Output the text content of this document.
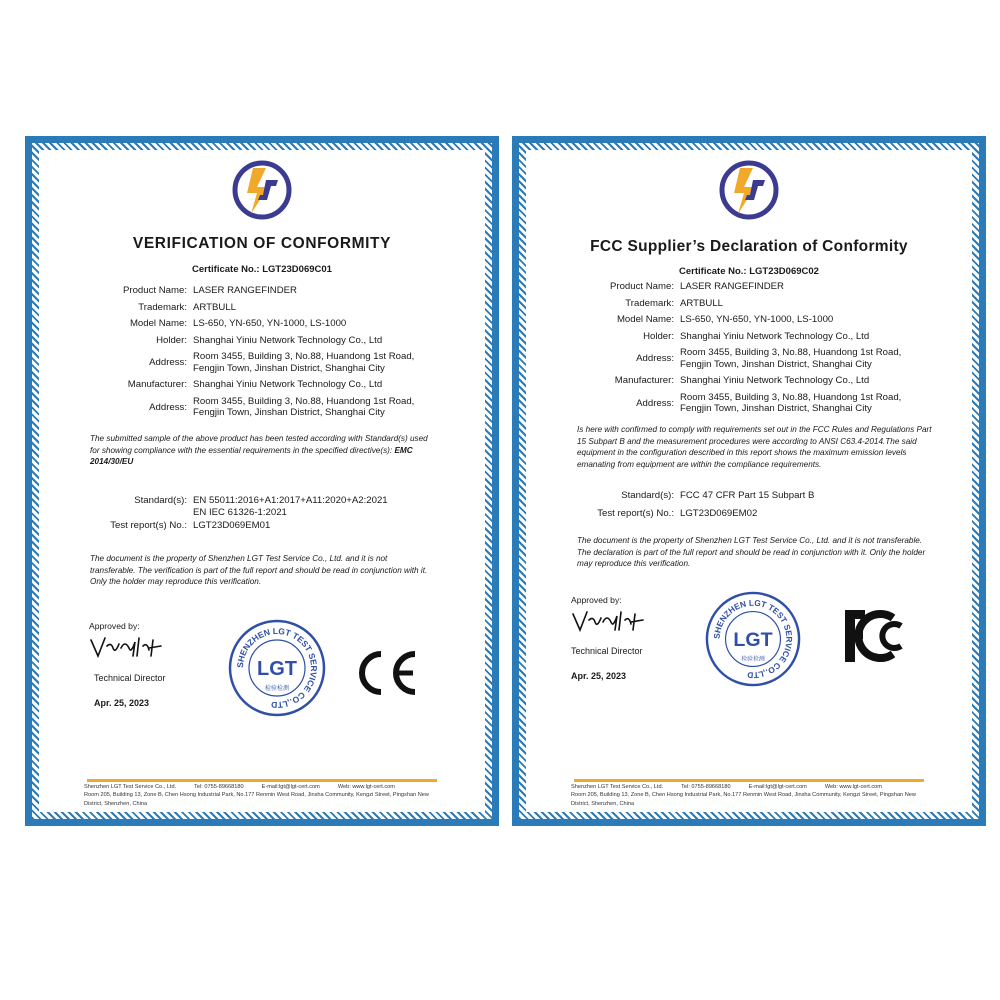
VERIFICATION OF CONFORMITY
Certificate No.: LGT23D069C01
Product Name: LASER RANGEFINDER
Trademark: ARTBULL
Model Name: LS-650, YN-650, YN-1000, LS-1000
Holder: Shanghai Yiniu Network Technology Co., Ltd
Address:
Room 3455, Building 3, No.88, Huandong 1st Road, Fengjin Town, Jinshan District, Shanghai City
Manufacturer: Shanghai Yiniu Network Technology Co., Ltd
Address:
Room 3455, Building 3, No.88, Huandong 1st Road, Fengjin Town, Jinshan District, Shanghai City
The submitted sample of the above product has been tested according with Standard(s) used for showing compliance with the essential requirements in the specified directive(s): EMC 2014/30/EU
Standard(s): EN 55011:2016+A1:2017+A11:2020+A2:2021
EN IEC 61326-1:2021
Test report(s) No.: LGT23D069EM01
The document is the property of Shenzhen LGT Test Service Co., Ltd. and it is not transferable. The verification is part of the full report and should be read in conjunction with it. Only the holder may reproduce this verification.
Approved by:
Technical Director
Apr. 25, 2023
SHENZHEN LGT TEST SERVICE CO.,LTD
LGT
检验检测
Shenzhen LGT Test Service Co., Ltd.	Tel: 0755-89668180	E-mail:lgt@lgt-cert.com	Web: www.lgt-cert.com
Room 205, Building 13, Zone B, Chen Hsong Industrial Park, No.177 Renmin West Road, Jinsha Community, Kengzi Street, Pingshan New District, Shenzhen, China
FCC Supplier’s Declaration of Conformity
Certificate No.: LGT23D069C02
Product Name: LASER RANGEFINDER
Trademark: ARTBULL
Model Name: LS-650, YN-650, YN-1000, LS-1000
Holder: Shanghai Yiniu Network Technology Co., Ltd
Address:
Room 3455, Building 3, No.88, Huandong 1st Road, Fengjin Town, Jinshan District, Shanghai City
Manufacturer: Shanghai Yiniu Network Technology Co., Ltd
Address:
Room 3455, Building 3, No.88, Huandong 1st Road, Fengjin Town, Jinshan District, Shanghai City
Is here with confirmed to comply with requirements set out in the FCC Rules and Regulations Part 15 Subpart B and the measurement procedures were according to ANSI C63.4-2014.The said equipment in the configuration described in this report shows the maximum emission levels emanating from equipment are within the compliance requirements.
Standard(s): FCC 47 CFR Part 15 Subpart B
Test report(s) No.: LGT23D069EM02
The document is the property of Shenzhen LGT Test Service Co., Ltd. and it is not transferable. The declaration is part of the full report and should be read in conjunction with it. Only the holder may reproduce this verification.
Approved by:
Technical Director
Apr. 25, 2023
SHENZHEN LGT TEST SERVICE CO.,LTD
LGT
检验检测
Shenzhen LGT Test Service Co., Ltd.	Tel: 0755-89668180	E-mail:lgt@lgt-cert.com	Web: www.lgt-cert.com
Room 205, Building 13, Zone B, Chen Hsong Industrial Park, No.177 Renmin West Road, Jinsha Community, Kengzi Street, Pingshan New District, Shenzhen, China
